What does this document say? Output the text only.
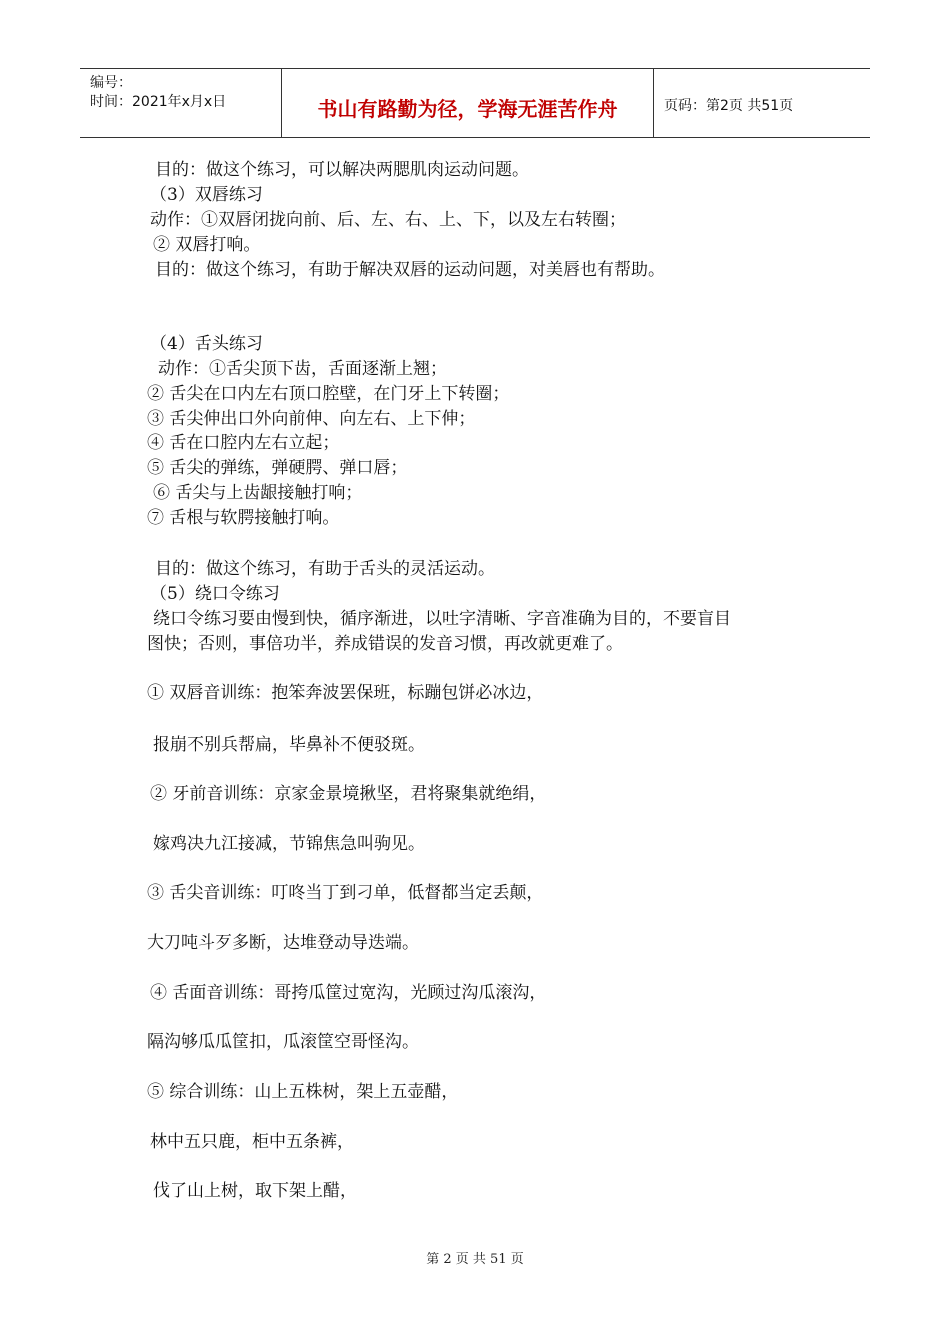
编号：
时间：2021年x月x日	书山有路勤为径，学海无涯苦作舟	页码：第2页 共51页
目的：做这个练习，可以解决两腮肌肉运动问题。
（3）双唇练习
动作：①双唇闭拢向前、后、左、右、上、下，以及左右转圈；
② 双唇打响。
目的：做这个练习，有助于解决双唇的运动问题，对美唇也有帮助。
（4）舌头练习
动作：①舌尖顶下齿，舌面逐渐上翘；
② 舌尖在口内左右顶口腔壁，在门牙上下转圈；
③ 舌尖伸出口外向前伸、向左右、上下伸；
④ 舌在口腔内左右立起；
⑤ 舌尖的弹练，弹硬腭、弹口唇；
⑥ 舌尖与上齿龈接触打响；
⑦ 舌根与软腭接触打响。
目的：做这个练习，有助于舌头的灵活运动。
（5）绕口令练习
绕口令练习要由慢到快，循序渐进，以吐字清晰、字音准确为目的，不要盲目
图快；否则，事倍功半，养成错误的发音习惯，再改就更难了。
① 双唇音训练：抱笨奔波罢保班，标蹦包饼必冰边，
报崩不别兵帮扁，毕鼻补不便驳斑。
② 牙前音训练：京家金景境揪坚，君将聚集就绝绢，
嫁鸡决九江接减，节锦焦急叫驹见。
③ 舌尖音训练：叮咚当丁到刁单，低督都当定丢颠，
大刀吨斗歹多断，达堆登动导迭端。
④ 舌面音训练：哥挎瓜筐过宽沟，光顾过沟瓜滚沟，
隔沟够瓜瓜筐扣，瓜滚筐空哥怪沟。
⑤ 综合训练：山上五株树，架上五壶醋，
林中五只鹿，柜中五条裤，
伐了山上树，取下架上醋，
第 2 页 共 51 页
